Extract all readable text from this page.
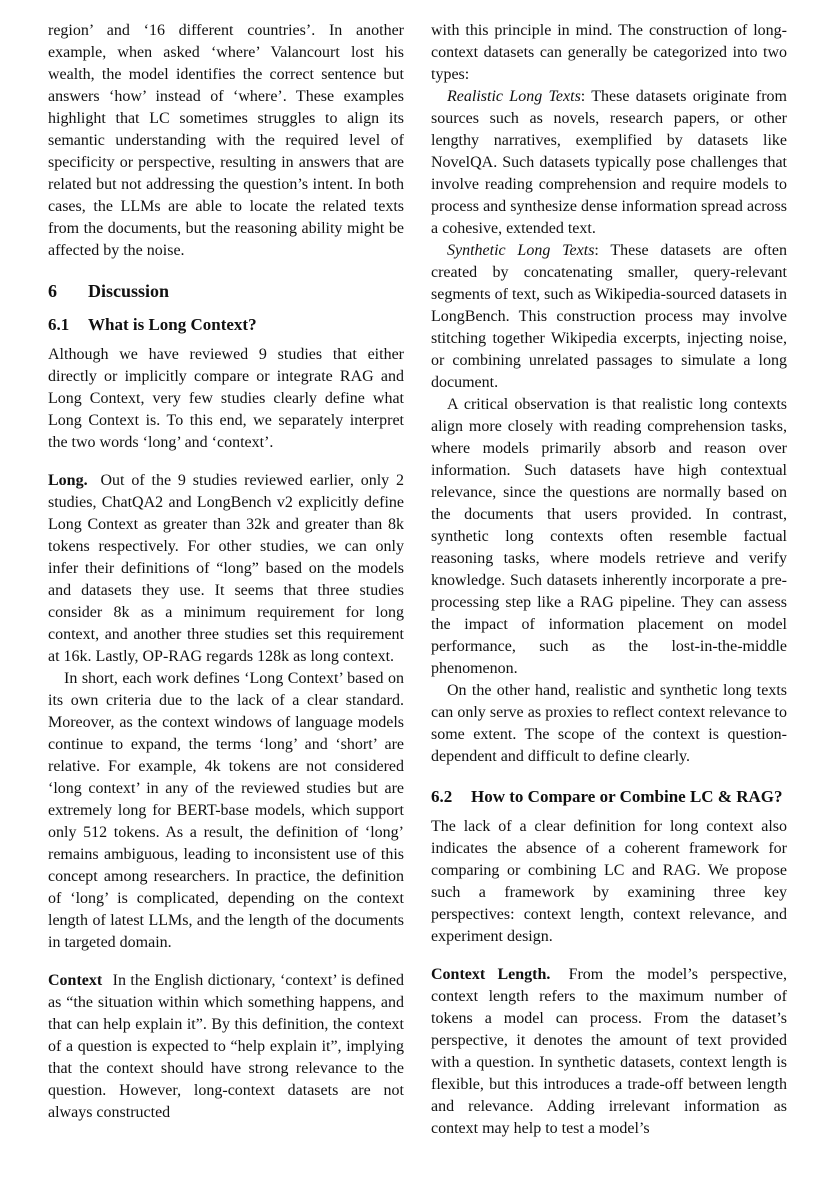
region’ and ‘16 different countries’. In another example, when asked ‘where’ Valancourt lost his wealth, the model identifies the correct sentence but answers ‘how’ instead of ‘where’. These examples highlight that LC sometimes struggles to align its semantic understanding with the required level of specificity or perspective, resulting in answers that are related but not addressing the question’s intent. In both cases, the LLMs are able to locate the related texts from the documents, but the reasoning ability might be affected by the noise.

6 Discussion
6.1	What is Long Context?

Although we have reviewed 9 studies that either directly or implicitly compare or integrate RAG and Long Context, very few studies clearly define what Long Context is. To this end, we separately interpret the two words ‘long’ and ‘context’.

Long. Out of the 9 studies reviewed earlier, only 2 studies, ChatQA2 and LongBench v2 explicitly define Long Context as greater than 32k and greater than 8k tokens respectively. For other studies, we can only infer their definitions of “long” based on the models and datasets they use. It seems that three studies consider 8k as a minimum requirement for long context, and another three studies set this requirement at 16k. Lastly, OP-RAG regards 128k as long context.

In short, each work defines ‘Long Context’ based on its own criteria due to the lack of a clear standard. Moreover, as the context windows of language models continue to expand, the terms ‘long’ and ‘short’ are relative. For example, 4k tokens are not considered ‘long context’ in any of the reviewed studies but are extremely long for BERT-base models, which support only 512 tokens. As a result, the definition of ‘long’ remains ambiguous, leading to inconsistent use of this concept among researchers. In practice, the definition of ‘long’ is complicated, depending on the context length of latest LLMs, and the length of the documents in targeted domain.

Context In the English dictionary, ‘context’ is defined as “the situation within which something happens, and that can help explain it”. By this definition, the context of a question is expected to “help explain it”, implying that the context should have strong relevance to the question. However, long-context datasets are not always constructed

with this principle in mind. The construction of long-context datasets can generally be categorized into two types:

Realistic Long Texts: These datasets originate from sources such as novels, research papers, or other lengthy narratives, exemplified by datasets like NovelQA. Such datasets typically pose challenges that involve reading comprehension and require models to process and synthesize dense information spread across a cohesive, extended text.

Synthetic Long Texts: These datasets are often created by concatenating smaller, query-relevant segments of text, such as Wikipedia-sourced datasets in LongBench. This construction process may involve stitching together Wikipedia excerpts, injecting noise, or combining unrelated passages to simulate a long document.

A critical observation is that realistic long contexts align more closely with reading comprehension tasks, where models primarily absorb and reason over information. Such datasets have high contextual relevance, since the questions are normally based on the documents that users provided. In contrast, synthetic long contexts often resemble factual reasoning tasks, where models retrieve and verify knowledge. Such datasets inherently incorporate a pre-processing step like a RAG pipeline. They can assess the impact of information placement on model performance, such as the lost-in-the-middle phenomenon.

On the other hand, realistic and synthetic long texts can only serve as proxies to reflect context relevance to some extent. The scope of the context is question-dependent and difficult to define clearly.

6.2	How to Compare or Combine LC & RAG?

The lack of a clear definition for long context also indicates the absence of a coherent framework for comparing or combining LC and RAG. We propose such a framework by examining three key perspectives: context length, context relevance, and experiment design.

Context Length. From the model’s perspective, context length refers to the maximum number of tokens a model can process. From the dataset’s perspective, it denotes the amount of text provided with a question. In synthetic datasets, context length is flexible, but this introduces a trade-off between length and relevance. Adding irrelevant information as context may help to test a model’s
